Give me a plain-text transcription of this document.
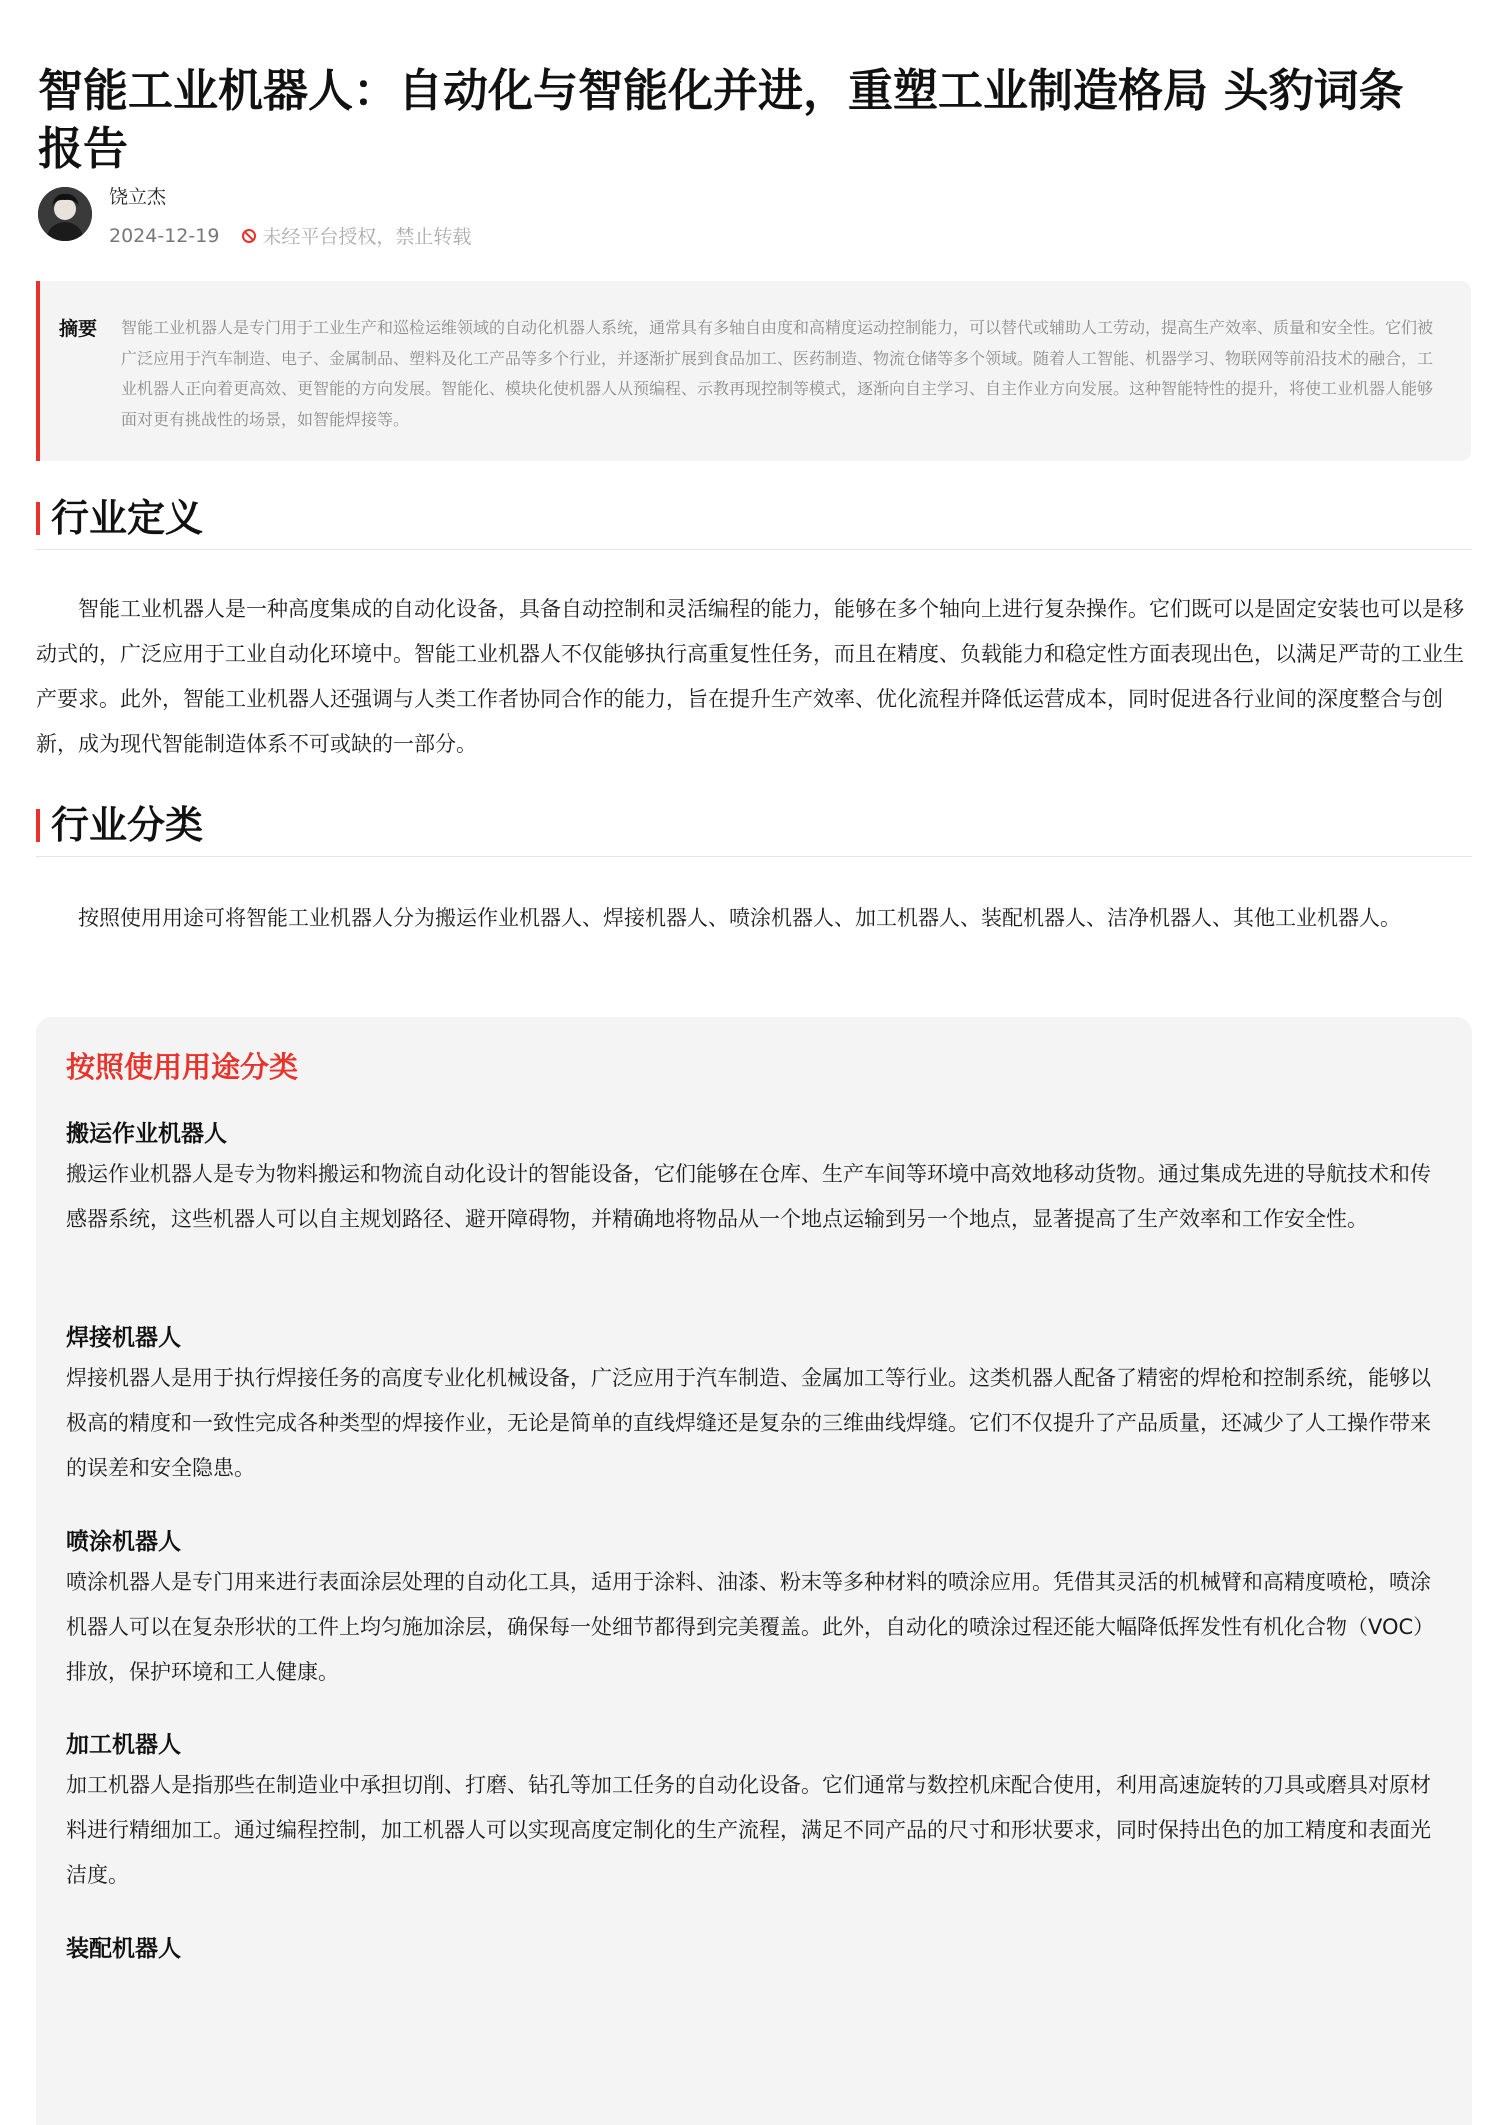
智能工业机器人：自动化与智能化并进，重塑工业制造格局 头豹词条报告
饶立杰
2024-12-19 未经平台授权，禁止转载
摘要 智能工业机器人是专门用于工业生产和巡检运维领域的自动化机器人系统，通常具有多轴自由度和高精度运动控制能力，可以替代或辅助人工劳动，提高生产效率、质量和安全性。它们被广泛应用于汽车制造、电子、金属制品、塑料及化工产品等多个行业，并逐渐扩展到食品加工、医药制造、物流仓储等多个领域。随着人工智能、机器学习、物联网等前沿技术的融合，工业机器人正向着更高效、更智能的方向发展。智能化、模块化使机器人从预编程、示教再现控制等模式，逐渐向自主学习、自主作业方向发展。这种智能特性的提升，将使工业机器人能够面对更有挑战性的场景，如智能焊接等。
行业定义

智能工业机器人是一种高度集成的自动化设备，具备自动控制和灵活编程的能力，能够在多个轴向上进行复杂操作。它们既可以是固定安装也可以是移动式的，广泛应用于工业自动化环境中。智能工业机器人不仅能够执行高重复性任务，而且在精度、负载能力和稳定性方面表现出色，以满足严苛的工业生产要求。此外，智能工业机器人还强调与人类工作者协同合作的能力，旨在提升生产效率、优化流程并降低运营成本，同时促进各行业间的深度整合与创新，成为现代智能制造体系不可或缺的一部分。

行业分类

按照使用用途可将智能工业机器人分为搬运作业机器人、焊接机器人、喷涂机器人、加工机器人、装配机器人、洁净机器人、其他工业机器人。

按照使用用途分类

搬运作业机器人

搬运作业机器人是专为物料搬运和物流自动化设计的智能设备，它们能够在仓库、生产车间等环境中高效地移动货物。通过集成先进的导航技术和传感器系统，这些机器人可以自主规划路径、避开障碍物，并精确地将物品从一个地点运输到另一个地点，显著提高了生产效率和工作安全性。

焊接机器人

焊接机器人是用于执行焊接任务的高度专业化机械设备，广泛应用于汽车制造、金属加工等行业。这类机器人配备了精密的焊枪和控制系统，能够以极高的精度和一致性完成各种类型的焊接作业，无论是简单的直线焊缝还是复杂的三维曲线焊缝。它们不仅提升了产品质量，还减少了人工操作带来的误差和安全隐患。

喷涂机器人

喷涂机器人是专门用来进行表面涂层处理的自动化工具，适用于涂料、油漆、粉末等多种材料的喷涂应用。凭借其灵活的机械臂和高精度喷枪，喷涂机器人可以在复杂形状的工件上均匀施加涂层，确保每一处细节都得到完美覆盖。此外，自动化的喷涂过程还能大幅降低挥发性有机化合物（VOC）排放，保护环境和工人健康。

加工机器人

加工机器人是指那些在制造业中承担切削、打磨、钻孔等加工任务的自动化设备。它们通常与数控机床配合使用，利用高速旋转的刀具或磨具对原材料进行精细加工。通过编程控制，加工机器人可以实现高度定制化的生产流程，满足不同产品的尺寸和形状要求，同时保持出色的加工精度和表面光洁度。

装配机器人
